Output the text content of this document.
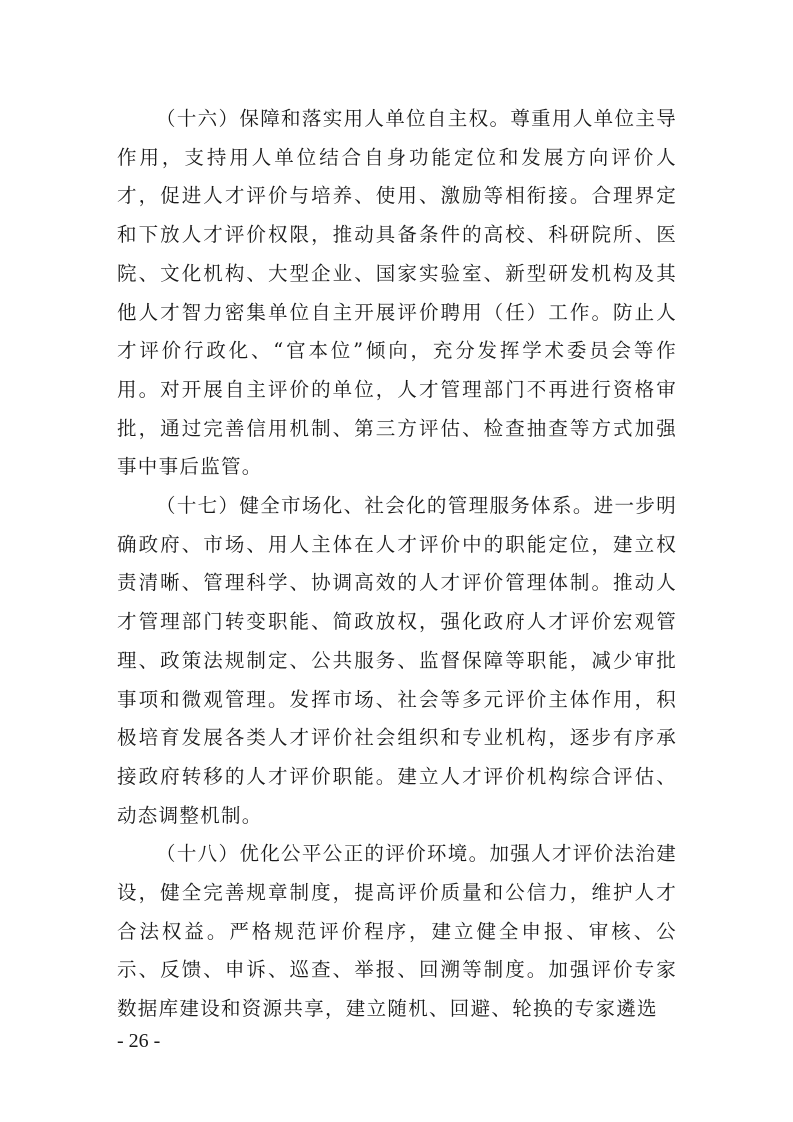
（十六）保障和落实用人单位自主权。尊重用人单位主导作用，支持用人单位结合自身功能定位和发展方向评价人才，促进人才评价与培养、使用、激励等相衔接。合理界定和下放人才评价权限，推动具备条件的高校、科研院所、医院、文化机构、大型企业、国家实验室、新型研发机构及其他人才智力密集单位自主开展评价聘用（任）工作。防止人才评价行政化、“官本位”倾向，充分发挥学术委员会等作用。对开展自主评价的单位，人才管理部门不再进行资格审批，通过完善信用机制、第三方评估、检查抽查等方式加强事中事后监管。

（十七）健全市场化、社会化的管理服务体系。进一步明确政府、市场、用人主体在人才评价中的职能定位，建立权责清晰、管理科学、协调高效的人才评价管理体制。推动人才管理部门转变职能、简政放权，强化政府人才评价宏观管理、政策法规制定、公共服务、监督保障等职能，减少审批事项和微观管理。发挥市场、社会等多元评价主体作用，积极培育发展各类人才评价社会组织和专业机构，逐步有序承接政府转移的人才评价职能。建立人才评价机构综合评估、动态调整机制。

（十八）优化公平公正的评价环境。加强人才评价法治建设，健全完善规章制度，提高评价质量和公信力，维护人才合法权益。严格规范评价程序，建立健全申报、审核、公示、反馈、申诉、巡查、举报、回溯等制度。加强评价专家数据库建设和资源共享，建立随机、回避、轮换的专家遴选

- 26 -
